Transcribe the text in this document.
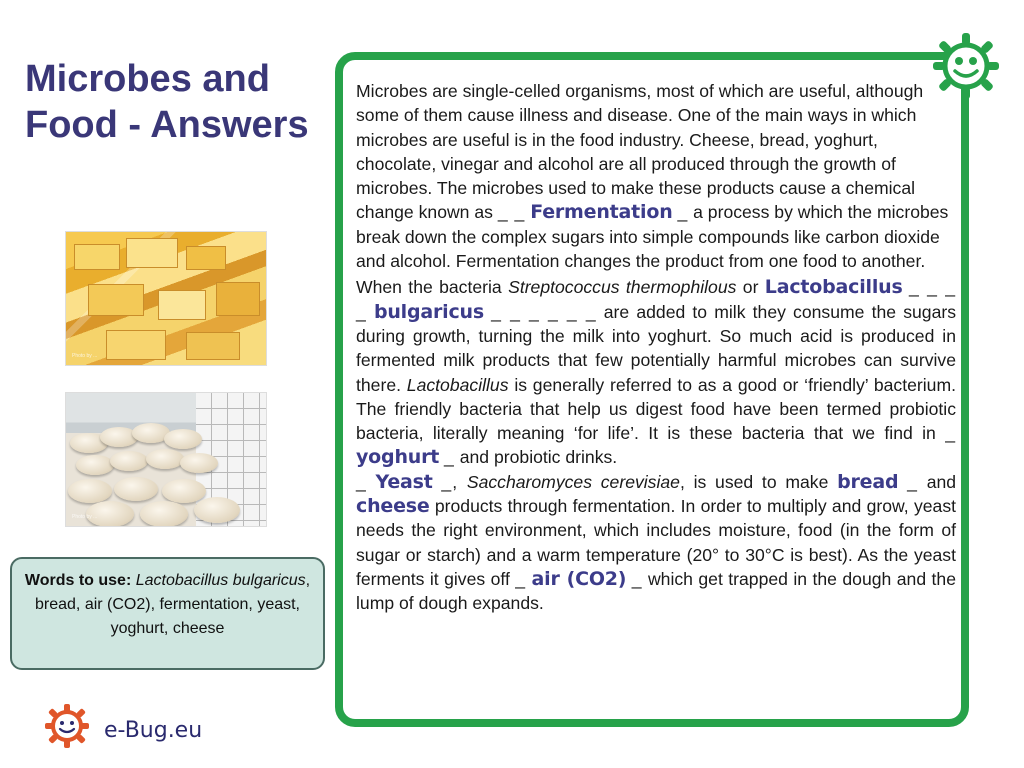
Microbes and Food - Answers
Photo by ...
Photo by ...
Words to use: Lactobacillus bulgaricus, bread, air (CO2), fermentation, yeast, yoghurt, cheese
e-Bug.eu

Microbes are single-celled organisms, most of which are useful, although some of them cause illness and disease. One of the main ways in which microbes are useful is in the food industry. Cheese, bread, yoghurt, chocolate, vinegar and alcohol are all produced through the growth of microbes. The microbes used to make these products cause a chemical change known as _ _ Fermentation _ a process by which the microbes break down the complex sugars into simple compounds like carbon dioxide and alcohol. Fermentation changes the product from one food to another.

When the bacteria Streptococcus thermophilous or Lactobacillus _ _ _ _ bulgaricus _ _ _ _ _ _ are added to milk they consume the sugars during growth, turning the milk into yoghurt. So much acid is produced in fermented milk products that few potentially harmful microbes can survive there. Lactobacillus is generally referred to as a good or ‘friendly’ bacterium. The friendly bacteria that help us digest food have been termed probiotic bacteria, literally meaning ‘for life’. It is these bacteria that we find in _ yoghurt _ and probiotic drinks.

_ Yeast _, Saccharomyces cerevisiae, is used to make bread _ and cheese products through fermentation. In order to multiply and grow, yeast needs the right environment, which includes moisture, food (in the form of sugar or starch) and a warm temperature (20° to 30°C is best). As the yeast ferments it gives off _ air (CO2) _ which get trapped in the dough and the lump of dough expands.
